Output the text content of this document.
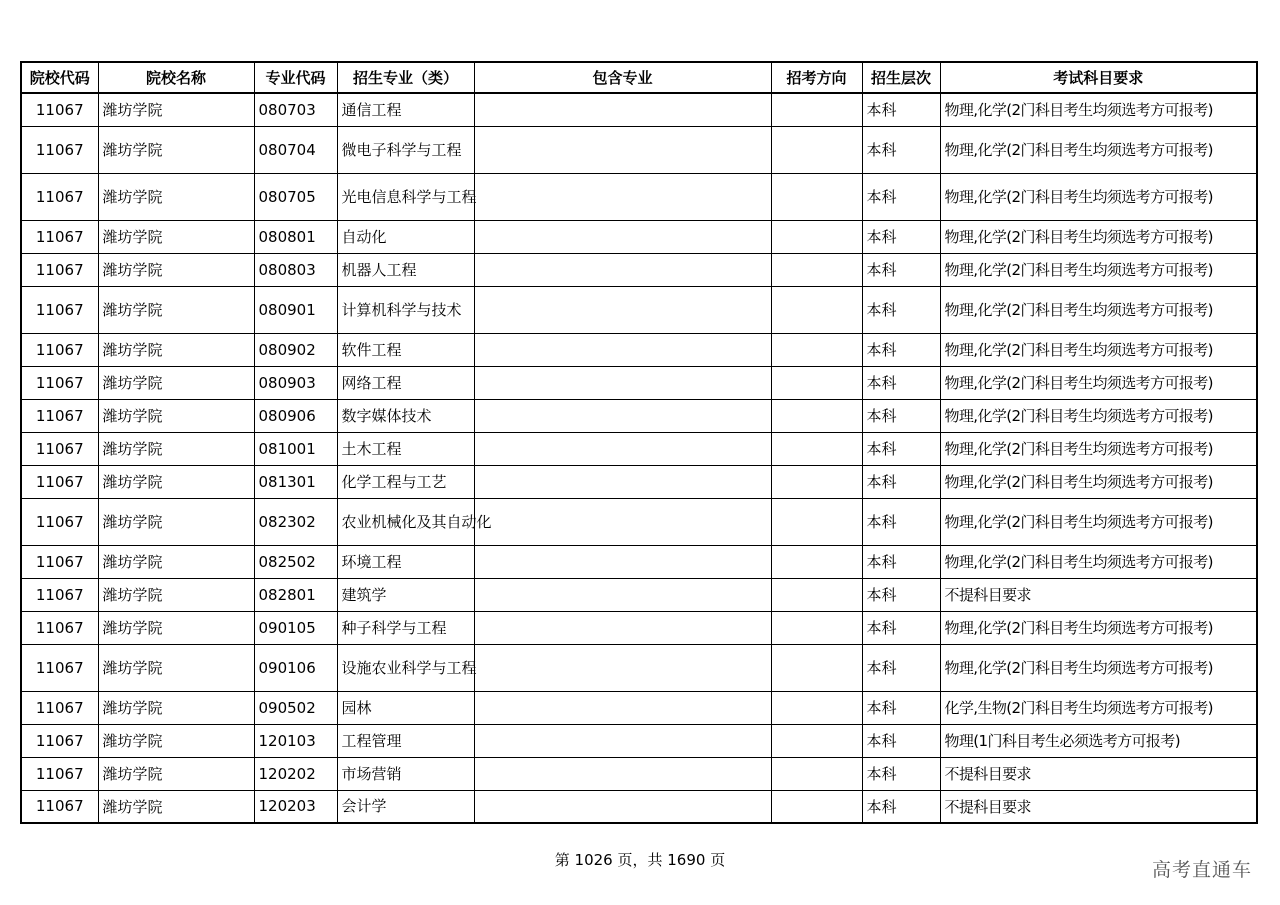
院校代码	院校名称	专业代码	招生专业（类）	包含专业	招考方向	招生层次	考试科目要求
11067	潍坊学院	080703	通信工程			本科	物理,化学(2门科目考生均须选考方可报考)
11067	潍坊学院	080704	微电子科学与工程			本科	物理,化学(2门科目考生均须选考方可报考)
11067	潍坊学院	080705	光电信息科学与工程			本科	物理,化学(2门科目考生均须选考方可报考)
11067	潍坊学院	080801	自动化			本科	物理,化学(2门科目考生均须选考方可报考)
11067	潍坊学院	080803	机器人工程			本科	物理,化学(2门科目考生均须选考方可报考)
11067	潍坊学院	080901	计算机科学与技术			本科	物理,化学(2门科目考生均须选考方可报考)
11067	潍坊学院	080902	软件工程			本科	物理,化学(2门科目考生均须选考方可报考)
11067	潍坊学院	080903	网络工程			本科	物理,化学(2门科目考生均须选考方可报考)
11067	潍坊学院	080906	数字媒体技术			本科	物理,化学(2门科目考生均须选考方可报考)
11067	潍坊学院	081001	土木工程			本科	物理,化学(2门科目考生均须选考方可报考)
11067	潍坊学院	081301	化学工程与工艺			本科	物理,化学(2门科目考生均须选考方可报考)
11067	潍坊学院	082302	农业机械化及其自动化			本科	物理,化学(2门科目考生均须选考方可报考)
11067	潍坊学院	082502	环境工程			本科	物理,化学(2门科目考生均须选考方可报考)
11067	潍坊学院	082801	建筑学			本科	不提科目要求
11067	潍坊学院	090105	种子科学与工程			本科	物理,化学(2门科目考生均须选考方可报考)
11067	潍坊学院	090106	设施农业科学与工程			本科	物理,化学(2门科目考生均须选考方可报考)
11067	潍坊学院	090502	园林			本科	化学,生物(2门科目考生均须选考方可报考)
11067	潍坊学院	120103	工程管理			本科	物理(1门科目考生必须选考方可报考)
11067	潍坊学院	120202	市场营销			本科	不提科目要求
11067	潍坊学院	120203	会计学			本科	不提科目要求
第 1026 页，共 1690 页	高考直通车
